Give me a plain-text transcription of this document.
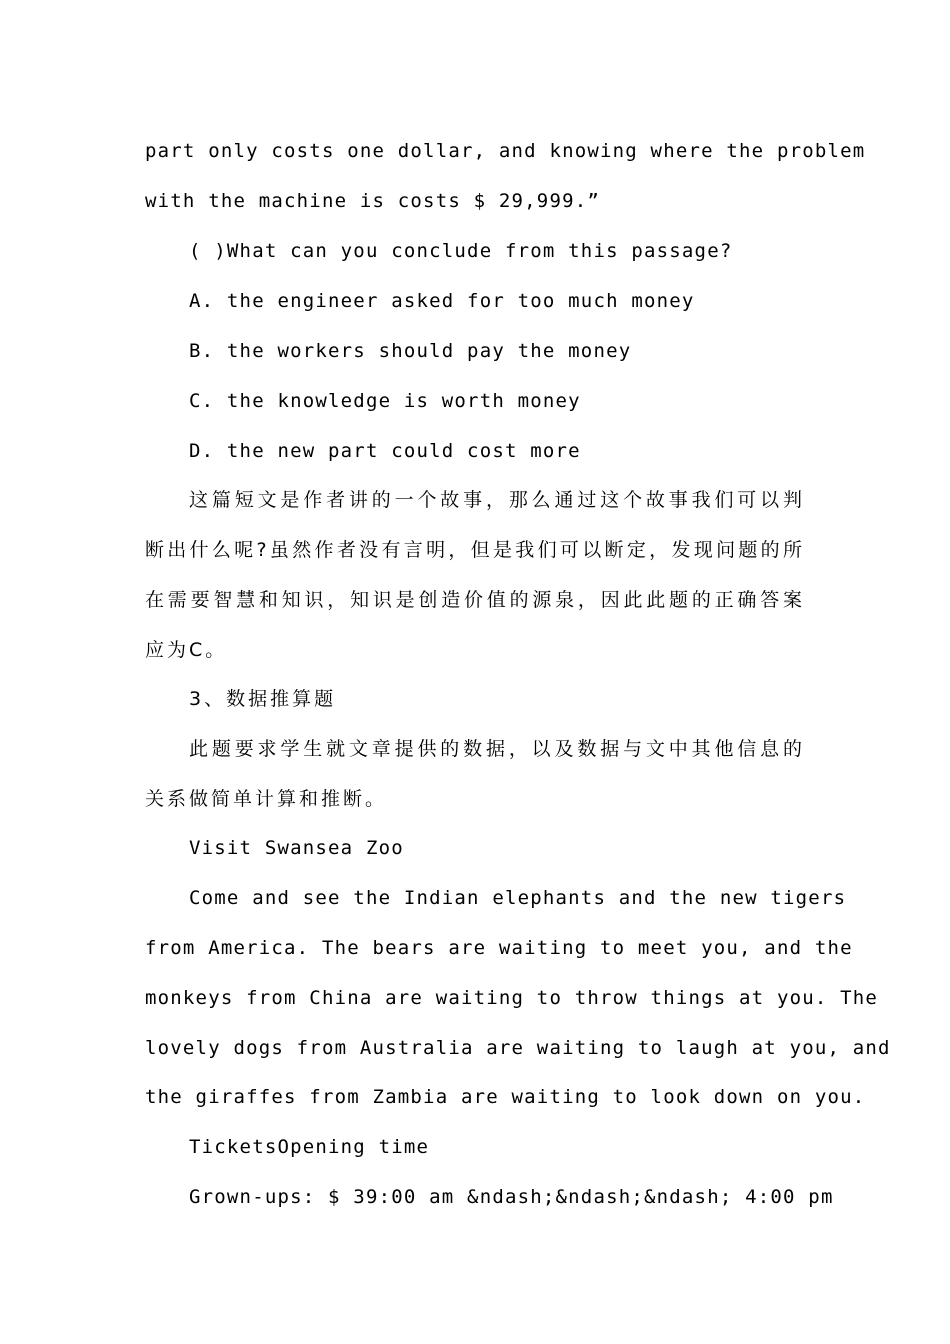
part only costs one dollar, and knowing where the problem
with the machine is costs $ 29,999.”
( )What can you conclude from this passage?
A. the engineer asked for too much money
B. the workers should pay the money
C. the knowledge is worth money
D. the new part could cost more
这篇短文是作者讲的一个故事，那么通过这个故事我们可以判
断出什么呢?虽然作者没有言明，但是我们可以断定，发现问题的所
在需要智慧和知识，知识是创造价值的源泉，因此此题的正确答案
应为C。
3、数据推算题
此题要求学生就文章提供的数据，以及数据与文中其他信息的
关系做简单计算和推断。
Visit Swansea Zoo
Come and see the Indian elephants and the new tigers
from America. The bears are waiting to meet you, and the
monkeys from China are waiting to throw things at you. The
lovely dogs from Australia are waiting to laugh at you, and
the giraffes from Zambia are waiting to look down on you.
TicketsOpening time
Grown-ups: $ 39:00 am &ndash;&ndash;&ndash; 4:00 pm
